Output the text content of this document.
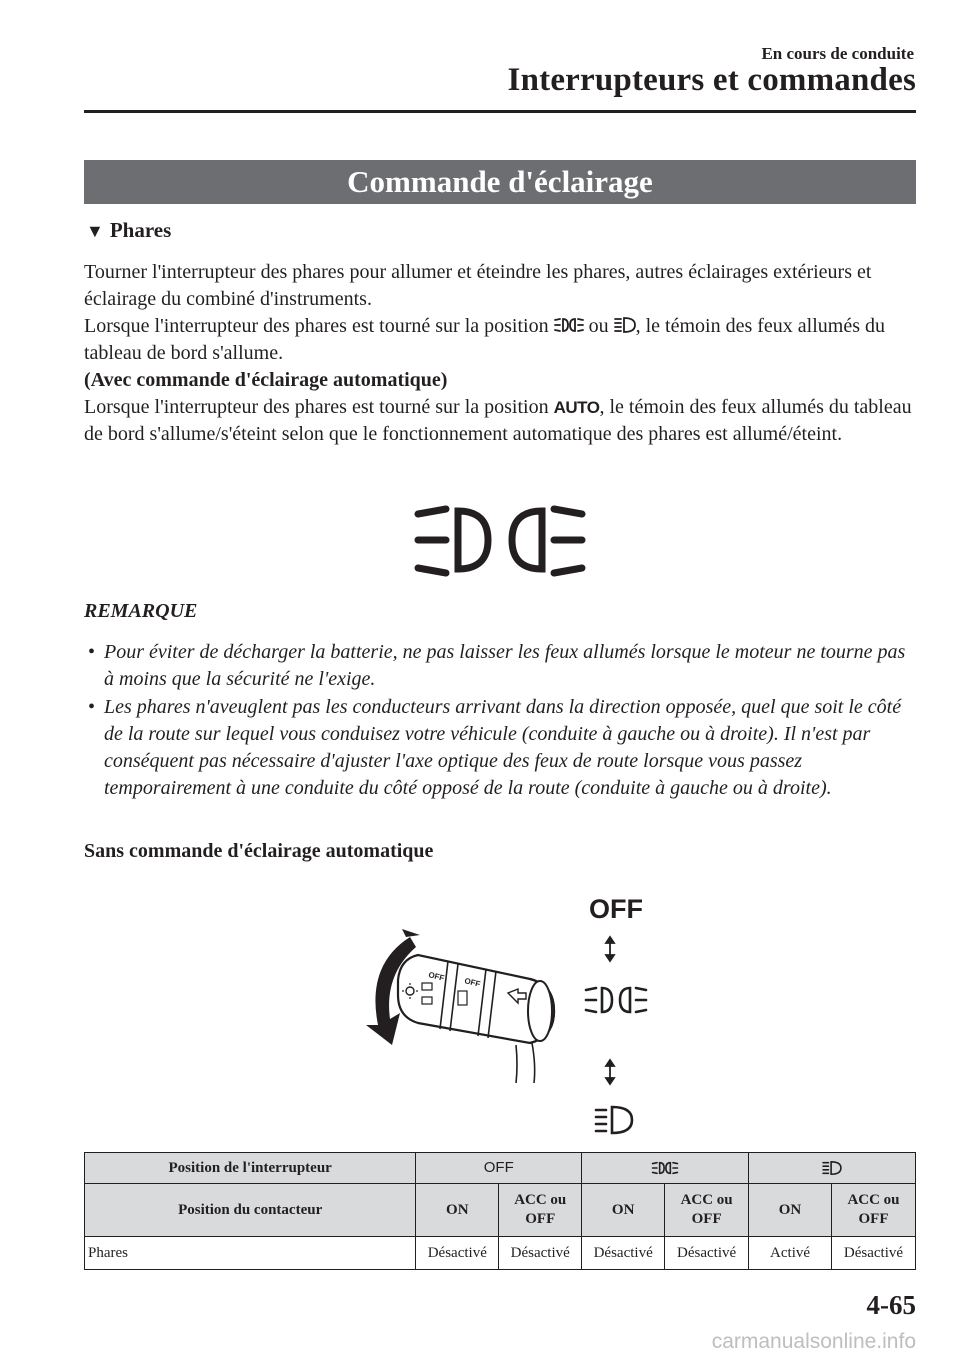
En cours de conduite
Interrupteurs et commandes
Commande d'éclairage
▼ Phares
Tourner l'interrupteur des phares pour allumer et éteindre les phares, autres éclairages extérieurs et éclairage du combiné d'instruments.
Lorsque l'interrupteur des phares est tourné sur la position ou , le témoin des feux allumés du tableau de bord s'allume.
(Avec commande d'éclairage automatique)
Lorsque l'interrupteur des phares est tourné sur la position AUTO, le témoin des feux allumés du tableau de bord s'allume/s'éteint selon que le fonctionnement automatique des phares est allumé/éteint.
REMARQUE
• Pour éviter de décharger la batterie, ne pas laisser les feux allumés lorsque le moteur ne tourne pas à moins que la sécurité ne l'exige.
• Les phares n'aveuglent pas les conducteurs arrivant dans la direction opposée, quel que soit le côté de la route sur lequel vous conduisez votre véhicule (conduite à gauche ou à droite). Il n'est par conséquent pas nécessaire d'ajuster l'axe optique des feux de route lorsque vous passez temporairement à une conduite du côté opposé de la route (conduite à gauche ou à droite).
Sans commande d'éclairage automatique
OFF OFF
OFF
Position de l'interrupteur	OFF		
Position du contacteur	ON	ACC ou OFF	ON	ACC ou OFF	ON	ACC ou OFF
Phares	Désactivé	Désactivé	Désactivé	Désactivé	Activé	Désactivé
4-65
carmanualsonline.info
